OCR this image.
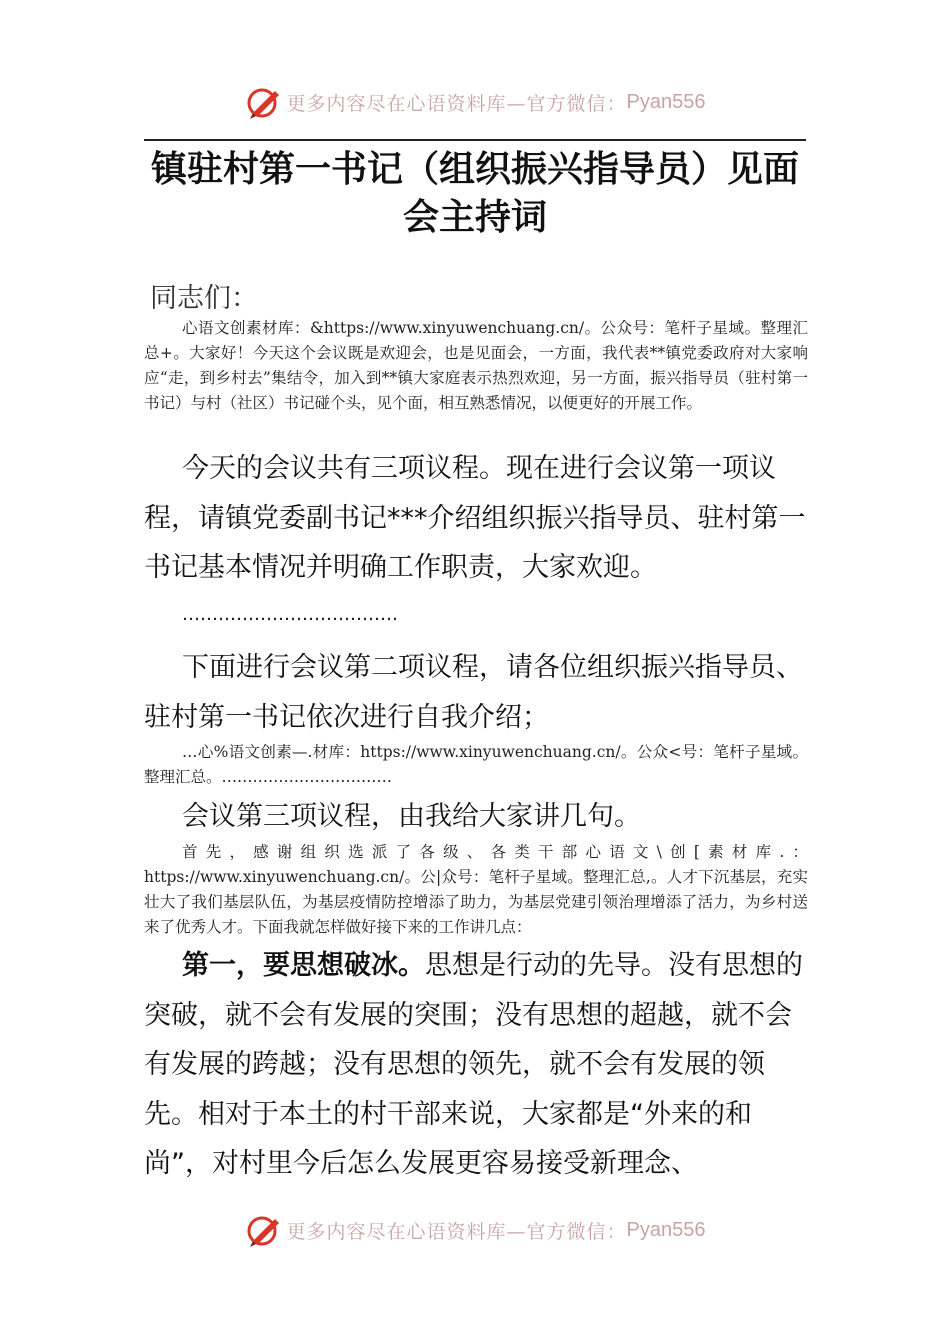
更多内容尽在心语资料库—官方微信： Pyan556
镇驻村第一书记（组织振兴指导员）见面
会主持词
同志们：
心语文创素材库：&https://www.xinyuwenchuang.cn/。公众号：笔杆子星域。整理汇总+。大家好！今天这个会议既是欢迎会，也是见面会，一方面，我代表**镇党委政府对大家响应“走，到乡村去”集结令，加入到**镇大家庭表示热烈欢迎，另一方面，振兴指导员（驻村第一书记）与村（社区）书记碰个头，见个面，相互熟悉情况，以便更好的开展工作。
今天的会议共有三项议程。现在进行会议第一项议程，请镇党委副书记***介绍组织振兴指导员、驻村第一书记基本情况并明确工作职责，大家欢迎。
………………………………
下面进行会议第二项议程，请各位组织振兴指导员、驻村第一书记依次进行自我介绍；
…心%语文创素—.材库：https://www.xinyuwenchuang.cn/。公众<号：笔杆子星域。整理汇总。……………………………
会议第三项议程，由我给大家讲几句。
首先，感谢组织选派了各级、各类干部心语文\创[素材库.：https://www.xinyuwenchuang.cn/。公|众号：笔杆子星域。整理汇总,。人才下沉基层，充实壮大了我们基层队伍，为基层疫情防控增添了助力，为基层党建引领治理增添了活力，为乡村送来了优秀人才。下面我就怎样做好接下来的工作讲几点：
第一，要思想破冰。思想是行动的先导。没有思想的突破，就不会有发展的突围；没有思想的超越，就不会有发展的跨越；没有思想的领先，就不会有发展的领先。相对于本土的村干部来说，大家都是“外来的和尚”，对村里今后怎么发展更容易接受新理念、
更多内容尽在心语资料库—官方微信： Pyan556
